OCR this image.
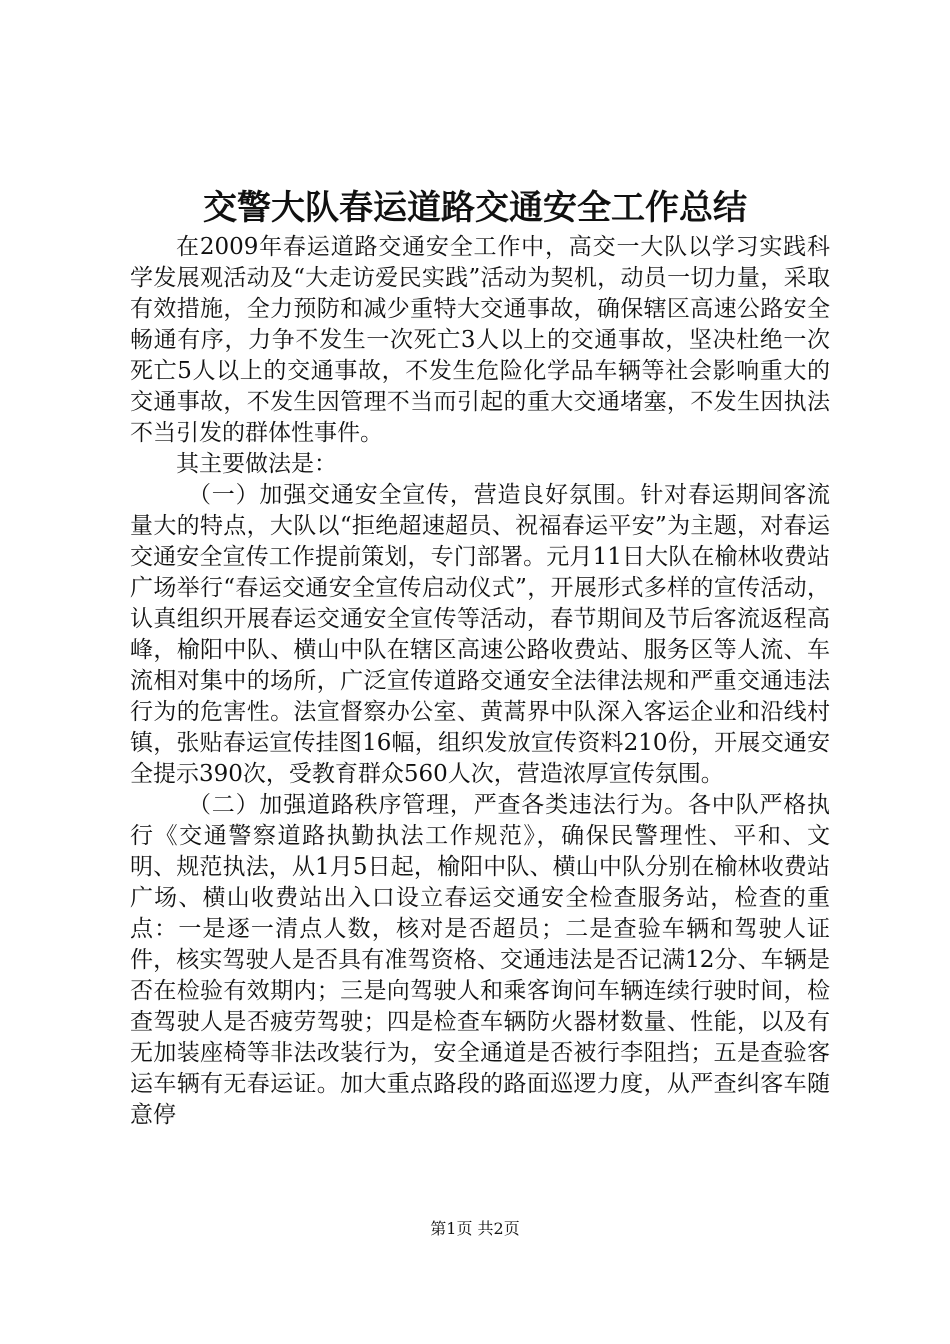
交警大队春运道路交通安全工作总结

在2009年春运道路交通安全工作中，高交一大队以学习实践科学发展观活动及“大走访爱民实践”活动为契机，动员一切力量，采取有效措施，全力预防和减少重特大交通事故，确保辖区高速公路安全畅通有序，力争不发生一次死亡3人以上的交通事故，坚决杜绝一次死亡5人以上的交通事故，不发生危险化学品车辆等社会影响重大的交通事故，不发生因管理不当而引起的重大交通堵塞，不发生因执法不当引发的群体性事件。

其主要做法是：

（一）加强交通安全宣传，营造良好氛围。针对春运期间客流量大的特点，大队以“拒绝超速超员、祝福春运平安”为主题，对春运交通安全宣传工作提前策划，专门部署。元月11日大队在榆林收费站广场举行“春运交通安全宣传启动仪式”，开展形式多样的宣传活动，认真组织开展春运交通安全宣传等活动，春节期间及节后客流返程高峰，榆阳中队、横山中队在辖区高速公路收费站、服务区等人流、车流相对集中的场所，广泛宣传道路交通安全法律法规和严重交通违法行为的危害性。法宣督察办公室、黄蒿界中队深入客运企业和沿线村镇，张贴春运宣传挂图16幅，组织发放宣传资料210份，开展交通安全提示390次，受教育群众560人次，营造浓厚宣传氛围。

（二）加强道路秩序管理，严查各类违法行为。各中队严格执行《交通警察道路执勤执法工作规范》，确保民警理性、平和、文明、规范执法，从1月5日起，榆阳中队、横山中队分别在榆林收费站广场、横山收费站出入口设立春运交通安全检查服务站，检查的重点：一是逐一清点人数，核对是否超员；二是查验车辆和驾驶人证件，核实驾驶人是否具有准驾资格、交通违法是否记满12分、车辆是否在检验有效期内；三是向驾驶人和乘客询问车辆连续行驶时间，检查驾驶人是否疲劳驾驶；四是检查车辆防火器材数量、性能，以及有无加装座椅等非法改装行为，安全通道是否被行李阻挡；五是查验客运车辆有无春运证。加大重点路段的路面巡逻力度，从严查纠客车随意停

第1页 共2页
